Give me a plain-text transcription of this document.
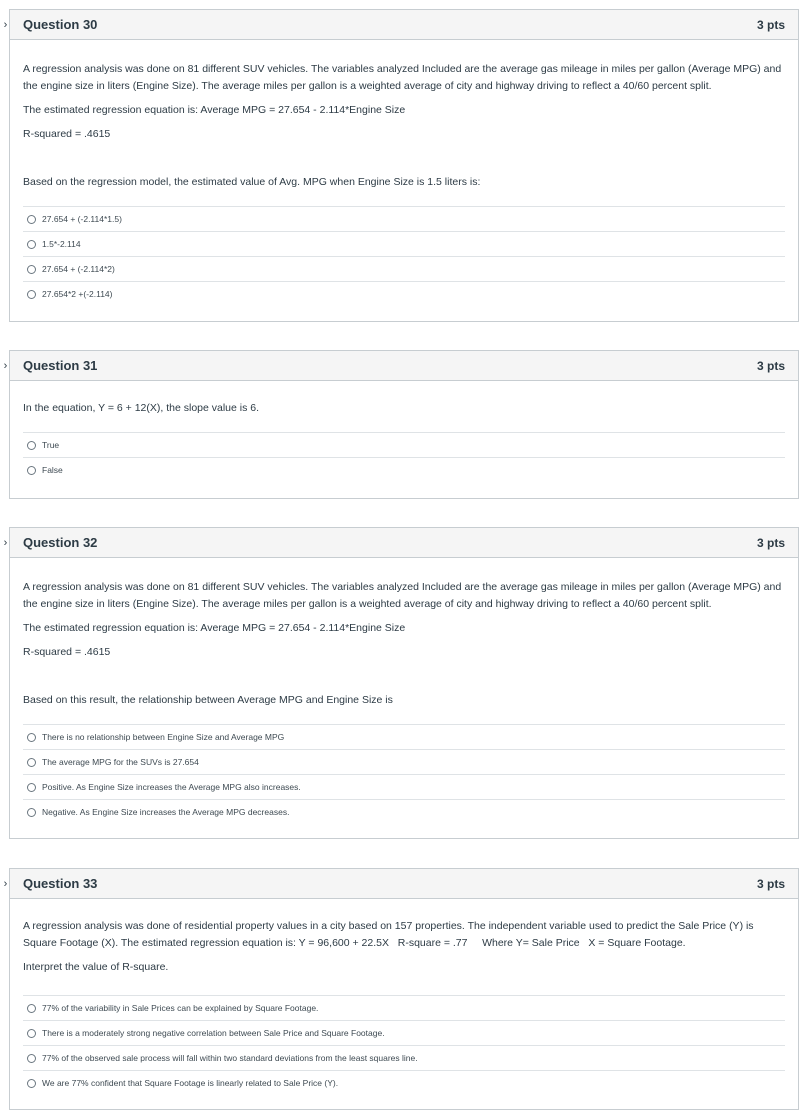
› Question 30	3 pts

A regression analysis was done on 81 different SUV vehicles. The variables analyzed Included are the average gas mileage in miles per gallon (Average MPG) and the engine size in liters (Engine Size). The average miles per gallon is a weighted average of city and highway driving to reflect a 40/60 percent split.

The estimated regression equation is: Average MPG = 27.654 - 2.114*Engine Size

R-squared = .4615

Based on the regression model, the estimated value of Avg. MPG when Engine Size is 1.5 liters is:

27.654 + (-2.114*1.5)
1.5*-2.114
27.654 + (-2.114*2)
27.654*2 +(-2.114)
› Question 31	3 pts

In the equation, Y = 6 + 12(X), the slope value is 6.

True
False
› Question 32	3 pts

A regression analysis was done on 81 different SUV vehicles. The variables analyzed Included are the average gas mileage in miles per gallon (Average MPG) and the engine size in liters (Engine Size). The average miles per gallon is a weighted average of city and highway driving to reflect a 40/60 percent split.

The estimated regression equation is: Average MPG = 27.654 - 2.114*Engine Size

R-squared = .4615

Based on this result, the relationship between Average MPG and Engine Size is

There is no relationship between Engine Size and Average MPG
The average MPG for the SUVs is 27.654
Positive. As Engine Size increases the Average MPG also increases.
Negative. As Engine Size increases the Average MPG decreases.
› Question 33	3 pts

A regression analysis was done of residential property values in a city based on 157 properties. The independent variable used to predict the Sale Price (Y) is Square Footage (X). The estimated regression equation is: Y = 96,600 + 22.5X   R-square = .77     Where Y= Sale Price   X = Square Footage.

Interpret the value of R-square.

77% of the variability in Sale Prices can be explained by Square Footage.
There is a moderately strong negative correlation between Sale Price and Square Footage.
77% of the observed sale process will fall within two standard deviations from the least squares line.
We are 77% confident that Square Footage is linearly related to Sale Price (Y).
